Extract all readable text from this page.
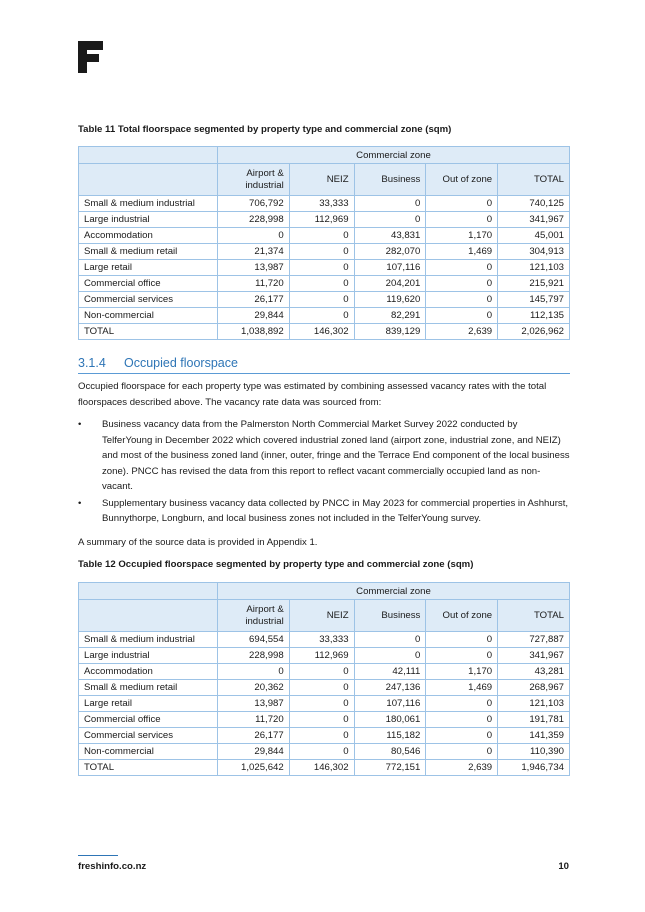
Table 11 Total floorspace segmented by property type and commercial zone (sqm)
	Commercial zone				
	Airport & industrial	NEIZ	Business	Out of zone	TOTAL
Small & medium industrial	706,792	33,333	0	0	740,125
Large industrial	228,998	112,969	0	0	341,967
Accommodation	0	0	43,831	1,170	45,001
Small & medium retail	21,374	0	282,070	1,469	304,913
Large retail	13,987	0	107,116	0	121,103
Commercial office	11,720	0	204,201	0	215,921
Commercial services	26,177	0	119,620	0	145,797
Non-commercial	29,844	0	82,291	0	112,135
TOTAL	1,038,892	146,302	839,129	2,639	2,026,962
3.1.4 Occupied floorspace
Occupied floorspace for each property type was estimated by combining assessed vacancy rates with the total floorspaces described above. The vacancy rate data was sourced from:
• Business vacancy data from the Palmerston North Commercial Market Survey 2022 conducted by TelferYoung in December 2022 which covered industrial zoned land (airport zone, industrial zone, and NEIZ) and most of the business zoned land (inner, outer, fringe and the Terrace End component of the local business zone). PNCC has revised the data from this report to reflect vacant commercially occupied land as non-vacant.
• Supplementary business vacancy data collected by PNCC in May 2023 for commercial properties in Ashhurst, Bunnythorpe, Longburn, and local business zones not included in the TelferYoung survey.
A summary of the source data is provided in Appendix 1.
Table 12 Occupied floorspace segmented by property type and commercial zone (sqm)
	Commercial zone				
	Airport & industrial	NEIZ	Business	Out of zone	TOTAL
Small & medium industrial	694,554	33,333	0	0	727,887
Large industrial	228,998	112,969	0	0	341,967
Accommodation	0	0	42,111	1,170	43,281
Small & medium retail	20,362	0	247,136	1,469	268,967
Large retail	13,987	0	107,116	0	121,103
Commercial office	11,720	0	180,061	0	191,781
Commercial services	26,177	0	115,182	0	141,359
Non-commercial	29,844	0	80,546	0	110,390
TOTAL	1,025,642	146,302	772,151	2,639	1,946,734
freshinfo.co.nz	10
